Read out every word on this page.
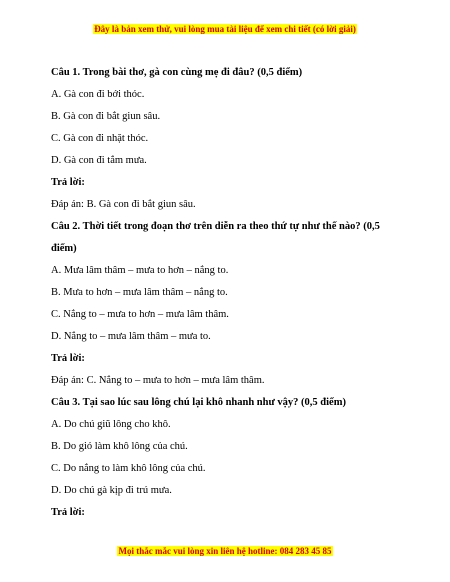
Đây là bản xem thử, vui lòng mua tài liệu để xem chi tiết (có lời giải)
Câu 1. Trong bài thơ, gà con cùng mẹ đi đâu? (0,5 điểm)
A. Gà con đi bới thóc.
B. Gà con đi bắt giun sâu.
C. Gà con đi nhặt thóc.
D. Gà con đi tắm mưa.
Trả lời:
Đáp án: B. Gà con đi bắt giun sâu.
Câu 2. Thời tiết trong đoạn thơ trên diễn ra theo thứ tự như thế nào? (0,5 điểm)
A. Mưa lâm thâm – mưa to hơn – nắng to.
B. Mưa to hơn – mưa lâm thâm – nắng to.
C. Nắng to – mưa to hơn – mưa lâm thâm.
D. Nắng to – mưa lâm thâm – mưa to.
Trả lời:
Đáp án: C. Nắng to – mưa to hơn – mưa lâm thâm.
Câu 3. Tại sao lúc sau lông chú lại khô nhanh như vậy? (0,5 điểm)
A. Do chú giũ lông cho khô.
B. Do gió làm khô lông của chú.
C. Do nắng to làm khô lông của chú.
D. Do chú gà kịp đi trú mưa.
Trả lời:
Mọi thắc mắc vui lòng xin liên hệ hotline: 084 283 45 85
